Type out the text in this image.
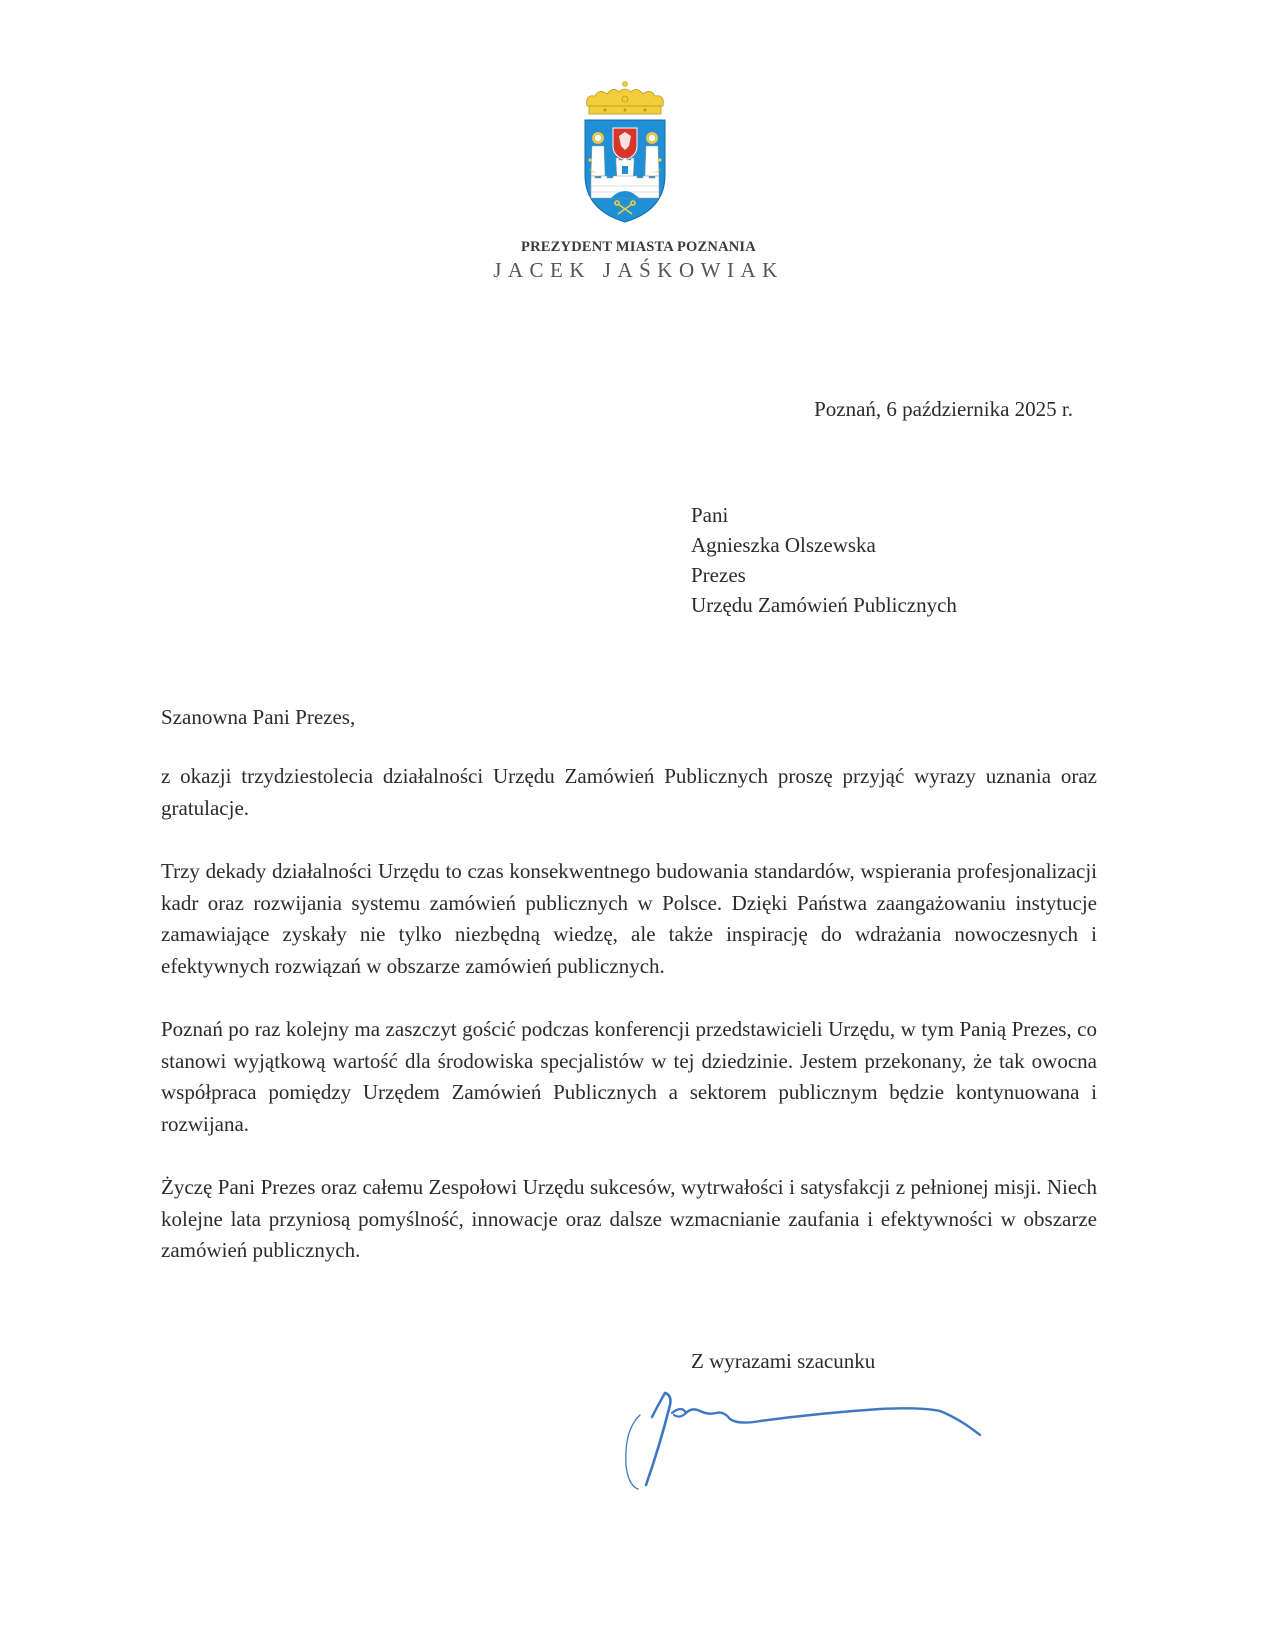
PREZYDENT MIASTA POZNANIA
JACEK JAŚKOWIAK
Poznań, 6 października 2025 r.
Pani
Agnieszka Olszewska
Prezes
Urzędu Zamówień Publicznych
Szanowna Pani Prezes,

z okazji trzydziestolecia działalności Urzędu Zamówień Publicznych proszę przyjąć wyrazy uznania oraz gratulacje.

Trzy dekady działalności Urzędu to czas konsekwentnego budowania standardów, wspierania profesjonalizacji kadr oraz rozwijania systemu zamówień publicznych w Polsce. Dzięki Państwa zaangażowaniu instytucje zamawiające zyskały nie tylko niezbędną wiedzę, ale także inspirację do wdrażania nowoczesnych i efektywnych rozwiązań w obszarze zamówień publicznych.

Poznań po raz kolejny ma zaszczyt gościć podczas konferencji przedstawicieli Urzędu, w tym Panią Prezes, co stanowi wyjątkową wartość dla środowiska specjalistów w tej dziedzinie. Jestem przekonany, że tak owocna współpraca pomiędzy Urzędem Zamówień Publicznych a sektorem publicznym będzie kontynuowana i rozwijana.

Życzę Pani Prezes oraz całemu Zespołowi Urzędu sukcesów, wytrwałości i satysfakcji z pełnionej misji. Niech kolejne lata przyniosą pomyślność, innowacje oraz dalsze wzmacnianie zaufania i efektywności w obszarze zamówień publicznych.

Z wyrazami szacunku
